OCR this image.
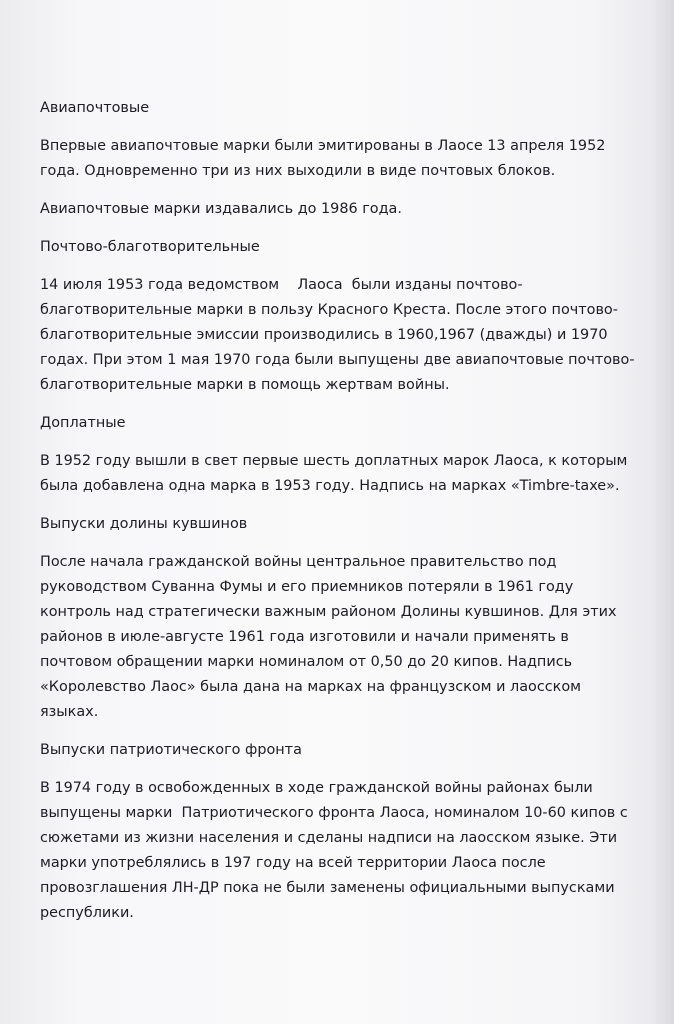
Авиапочтовые
Впервые авиапочтовые марки были эмитированы в Лаосе 13 апреля 1952
года. Одновременно три из них выходили в виде почтовых блоков.
Авиапочтовые марки издавались до 1986 года.
Почтово-благотворительные
14 июля 1953 года ведомством    Лаоса  были изданы почтово-
благотворительные марки в пользу Красного Креста. После этого почтово-
благотворительные эмиссии производились в 1960,1967 (дважды) и 1970
годах. При этом 1 мая 1970 года были выпущены две авиапочтовые почтово-
благотворительные марки в помощь жертвам войны.
Доплатные
В 1952 году вышли в свет первые шесть доплатных марок Лаоса, к которым
была добавлена одна марка в 1953 году. Надпись на марках «Timbre-taxe».
Выпуски долины кувшинов
После начала гражданской войны центральное правительство под
руководством Суванна Фумы и его приемников потеряли в 1961 году
контроль над стратегически важным районом Долины кувшинов. Для этих
районов в июле-августе 1961 года изготовили и начали применять в
почтовом обращении марки номиналом от 0,50 до 20 кипов. Надпись
«Королевство Лаос» была дана на марках на французском и лаосском
языках.
Выпуски патриотического фронта
В 1974 году в освобожденных в ходе гражданской войны районах были
выпущены марки  Патриотического фронта Лаоса, номиналом 10-60 кипов с
сюжетами из жизни населения и сделаны надписи на лаосском языке. Эти
марки употреблялись в 197 году на всей территории Лаоса после
провозглашения ЛН-ДР пока не были заменены официальными выпусками
республики.
